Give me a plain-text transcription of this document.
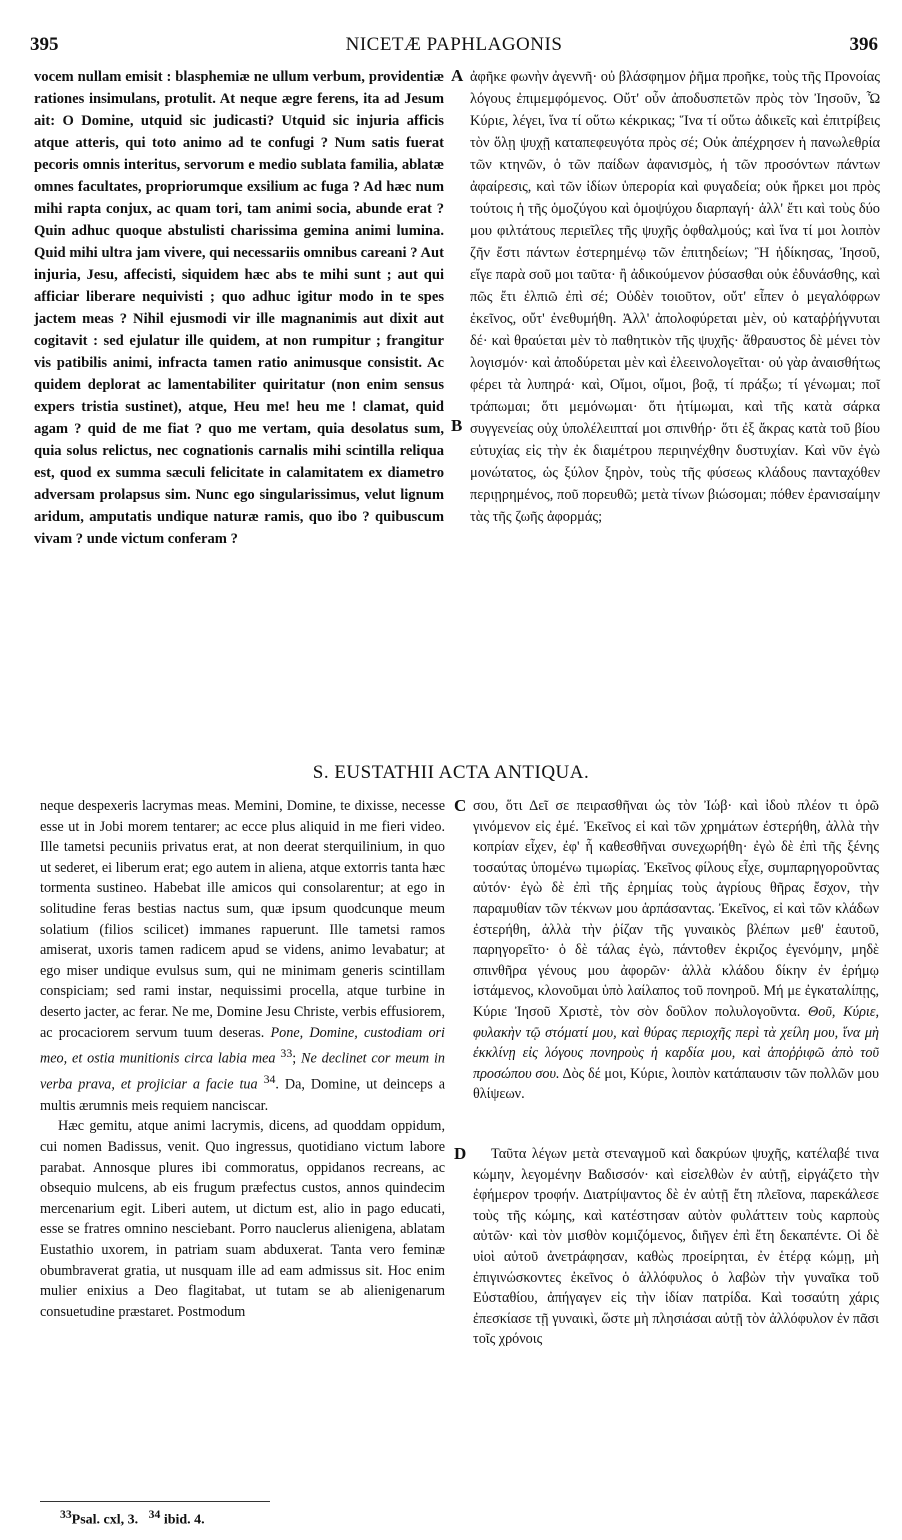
395	NICETÆ PAPHLAGONIS	396

vocem nullam emisit : blasphemiæ ne ullum verbum, providentiæ rationes insimulans, protulit. At neque ægre ferens, ita ad Jesum ait: O Domine, utquid sic judicasti? Utquid sic injuria afficis atque atteris, qui toto animo ad te confugi ? Num satis fuerat pecoris omnis interitus, servorum e medio sublata familia, ablatæ omnes facultates, propriorumque exsilium ac fuga ? Ad hæc num mihi rapta conjux, ac quam tori, tam animi socia, abunde erat ? Quin adhuc quoque abstulisti charissima gemina animi lumina. Quid mihi ultra jam vivere, qui necessariis omnibus careani ? Aut injuria, Jesu, affecisti, siquidem hæc abs te mihi sunt ; aut qui afficiar liberare nequivisti ; quo adhuc igitur modo in te spes jactem meas ? Nihil ejusmodi vir ille magnanimis aut dixit aut cogitavit : sed ejulatur ille quidem, at non rumpitur ; frangitur vis patibilis animi, infracta tamen ratio animusque consistit. Ac quidem deplorat ac lamentabiliter quiritatur (non enim sensus expers tristia sustinet), atque, Heu me! heu me ! clamat, quid agam ? quid de me fiat ? quo me vertam, quia desolatus sum, quia solus relictus, nec cognationis carnalis mihi scintilla reliqua est, quod ex summa sæculi felicitate in calamitatem ex diametro adversam prolapsus sim. Nunc ego singularissimus, velut lignum aridum, amputatis undique naturæ ramis, quo ibo ? quibuscum vivam ? unde victum conferam ?

A ἀφῆκε φωνὴν ἀγεννῆ· οὐ βλάσφημον ῥῆμα προῆκε, τοὺς τῆς Προνοίας λόγους ἐπιμεμφόμενος. Οὔτ' οὖν ἀποδυσπετῶν πρὸς τὸν Ἰησοῦν, Ὦ Κύριε, λέγει, ἵνα τί οὕτω κέκρικας; Ἵνα τί οὕτω ἀδικεῖς καὶ ἐπιτρίβεις τὸν ὅλῃ ψυχῇ καταπεφευγότα πρὸς σέ; Οὐκ ἀπέχρησεν ἡ πανωλεθρία τῶν κτηνῶν, ὁ τῶν παίδων ἀφανισμὸς, ἡ τῶν προσόντων πάντων ἀφαίρεσις, καὶ τῶν ἰδίων ὑπερορία καὶ φυγαδεία; οὐκ ἤρκει μοι πρὸς τούτοις ἡ τῆς ὁμοζύγου καὶ ὁμοψύχου διαρπαγή· ἀλλ' ἔτι καὶ τοὺς δύο μου φιλτάτους περιεῖλες τῆς ψυχῆς ὀφθαλμούς; καὶ ἵνα τί μοι λοιπὸν ζῆν ἔστι πάντων ἐστερημένῳ τῶν ἐπιτηδείων; Ἢ ἠδίκησας, Ἰησοῦ, εἴγε παρὰ σοῦ μοι ταῦτα· ἢ ἀδικούμενον ῥύσασθαι οὐκ ἐδυνάσθης, καὶ πῶς ἔτι ἐλπιῶ ἐπὶ σέ; Οὐδὲν τοιοῦτον, οὔτ' εἶπεν ὁ μεγαλόφρων ἐκεῖνος, οὔτ' ἐνεθυμήθη. Ἀλλ' ἀπολοφύρεται μὲν, οὐ καταῤῥήγνυται δέ· καὶ θραύεται μὲν τὸ παθητικὸν τῆς ψυχῆς· ἄθραυστος δὲ μένει τὸν λογισμόν· καὶ ἀποδύρεται μὲν καὶ ἐλεεινολογεῖται· οὐ γὰρ ἀναισθήτως φέρει τὰ λυπηρά· καὶ, Οἴμοι, οἴμοι, βοᾷ, τί πράξω; τί γένωμαι; ποῖ τράπωμαι; ὅτι μεμόνωμαι· ὅτι ἠτίμωμαι, καὶ τῆς κατὰ σάρκα συγγενείας οὐχ ὑπολέλειπταί μοι σπινθήρ· ὅτι ἐξ ἄκρας κατὰ τοῦ βίου εὐτυχίας εἰς τὴν ἐκ διαμέτρου περιηνέχθην δυστυχίαν. Καὶ νῦν ἐγὼ μονώτατος, ὡς ξύλον ξηρὸν, τοὺς τῆς φύσεως κλάδους πανταχόθεν περιῃρημένος, ποῦ πορευθῶ; μετὰ τίνων βιώσομαι; πόθεν ἐρανισαίμην τὰς τῆς ζωῆς ἀφορμάς;

B
S. EUSTATHII ACTA ANTIQUA.

neque despexeris lacrymas meas. Memini, Domine, te dixisse, necesse esse ut in Jobi morem tentarer; ac ecce plus aliquid in me fieri video. Ille tametsi pecuniis privatus erat, at non deerat sterquilinium, in quo ut sederet, ei liberum erat; ego autem in aliena, atque extorris tanta hæc tormenta sustineo. Habebat ille amicos qui consolarentur; at ego in solitudine feras bestias nactus sum, quæ ipsum quodcunque meum solatium (filios scilicet) immanes rapuerunt. Ille tametsi ramos amiserat, uxoris tamen radicem apud se videns, animo levabatur; at ego miser undique evulsus sum, qui ne minimam generis scintillam conspiciam; sed rami instar, nequissimi procella, atque turbine in deserto jacter, ac ferar. Ne me, Domine Jesu Christe, verbis effusiorem, ac procaciorem servum tuum deseras. Pone, Domine, custodiam ori meo, et ostia munitionis circa labia mea $^{33}$; Ne declinet cor meum in verba prava, et projiciar a facie tua $^{34}$. Da, Domine, ut deinceps a multis ærumnis meis requiem nanciscar.

Hæc gemitu, atque animi lacrymis, dicens, ad quoddam oppidum, cui nomen Badissus, venit. Quo ingressus, quotidiano victum labore parabat. Annosque plures ibi commoratus, oppidanos recreans, ac obsequio mulcens, ab eis frugum præfectus custos, annos quindecim mercenarium egit. Liberi autem, ut dictum est, alio in pago educati, esse se fratres omnino nesciebant. Porro nauclerus alienigena, ablatam Eustathio uxorem, in patriam suam abduxerat. Tanta vero feminæ obumbraverat gratia, ut nusquam ille ad eam admissus sit. Hoc enim mulier enixius a Deo flagitabat, ut tutam se ab alienigenarum consuetudine præstaret. Postmodum

C σου, ὅτι Δεῖ σε πειρασθῆναι ὡς τὸν Ἰώβ· καὶ ἰδοὺ πλέον τι ὁρῶ γινόμενον εἰς ἐμέ. Ἐκεῖνος εἰ καὶ τῶν χρημάτων ἐστερήθη, ἀλλὰ τὴν κοπρίαν εἶχεν, ἐφ' ἧ καθεσθῆναι συνεχωρήθη· ἐγὼ δὲ ἐπὶ τῆς ξένης τοσαύτας ὑπομένω τιμωρίας. Ἐκεῖνος φίλους εἶχε, συμπαρηγοροῦντας αὐτόν· ἐγὼ δὲ ἐπὶ τῆς ἐρημίας τοὺς ἀγρίους θῆρας ἔσχον, τὴν παραμυθίαν τῶν τέκνων μου ἁρπάσαντας. Ἐκεῖνος, εἰ καὶ τῶν κλάδων ἐστερήθη, ἀλλὰ τὴν ῥίζαν τῆς γυναικὸς βλέπων μεθ' ἑαυτοῦ, παρηγορεῖτο· ὁ δὲ τάλας ἐγὼ, πάντοθεν ἐκριζος ἐγενόμην, μηδὲ σπινθῆρα γένους μου ἀφορῶν· ἀλλὰ κλάδου δίκην ἐν ἐρήμῳ ἱστάμενος, κλονοῦμαι ὑπὸ λαίλαπος τοῦ πονηροῦ. Μή με ἐγκαταλίπῃς, Κύριε Ἰησοῦ Χριστὲ, τὸν σὸν δοῦλον πολυλογοῦντα. Θοῦ, Κύριε, φυλακὴν τῷ στόματί μου, καὶ θύρας περιοχῆς περὶ τὰ χείλη μου, ἵνα μὴ ἐκκλίνῃ εἰς λόγους πονηροὺς ἡ καρδία μου, καὶ ἀποῤῥιφῶ ἀπὸ τοῦ προσώπου σου. Δὸς δέ μοι, Κύριε, λοιπὸν κατάπαυσιν τῶν πολλῶν μου θλίψεων.

D	Ταῦτα λέγων μετὰ στεναγμοῦ καὶ δακρύων ψυχῆς, κατέλαβέ τινα κώμην, λεγομένην Βαδισσόν· καὶ εἰσελθὼν ἐν αὐτῇ, εἰργάζετο τὴν ἐφήμερον τροφήν. Διατρίψαντος δὲ ἐν αὐτῇ ἔτη πλεῖονα, παρεκάλεσε τοὺς τῆς κώμης, καὶ κατέστησαν αὐτὸν φυλάττειν τοὺς καρποὺς αὐτῶν· καὶ τὸν μισθὸν κομιζόμενος, διῆγεν ἐπὶ ἔτη δεκαπέντε. Οἱ δὲ υἱοὶ αὐτοῦ ἀνετράφησαν, καθὼς προείρηται, ἐν ἑτέρᾳ κώμῃ, μὴ ἐπιγινώσκοντες ἐκεῖνος ὁ ἀλλόφυλος ὁ λαβὼν τὴν γυναῖκα τοῦ Εὐσταθίου, ἀπήγαγεν εἰς τὴν ἰδίαν πατρίδα. Καὶ τοσαύτη χάρις ἐπεσκίασε τῇ γυναικὶ, ὥστε μὴ πλησιάσαι αὐτῇ τὸν ἀλλόφυλον ἐν πᾶσι τοῖς χρόνοις

$^{33}$Psal. cxl, 3. $^{34}$ ibid. 4.
